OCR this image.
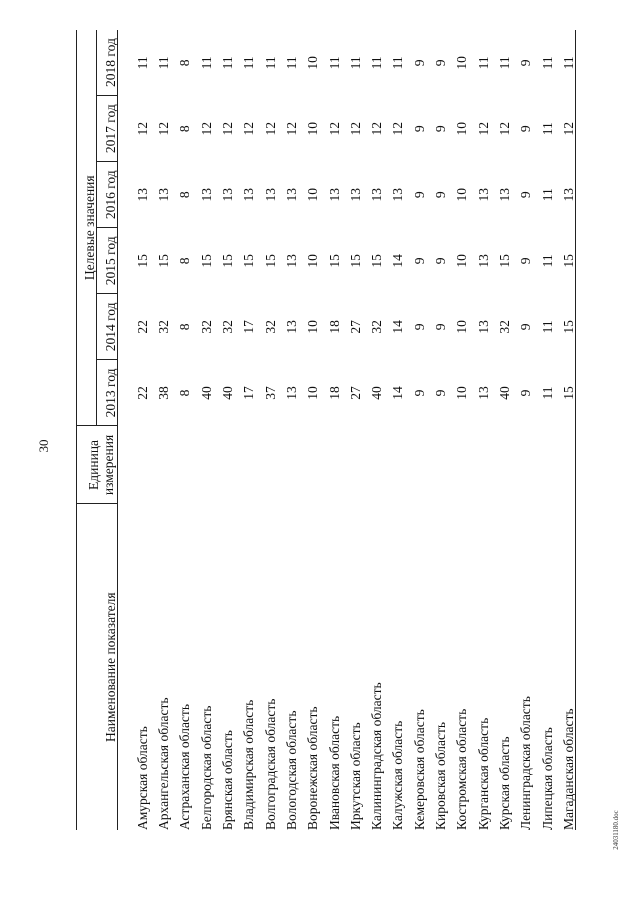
30
Наименование показателя	Единица
измерения	Целевые значения					
		2013 год	2014 год	2015 год	2016 год	2017 год	2018 год

Амурская область		22	22	15	13	12	11
Архангельская область		38	32	15	13	12	11
Астраханская область		8	8	8	8	8	8
Белгородская область		40	32	15	13	12	11
Брянская область		40	32	15	13	12	11
Владимирская область		17	17	15	13	12	11
Волгоградская область		37	32	15	13	12	11
Вологодская область		13	13	13	13	12	11
Воронежская область		10	10	10	10	10	10
Ивановская область		18	18	15	13	12	11
Иркутская область		27	27	15	13	12	11
Калининградская область		40	32	15	13	12	11
Калужская область		14	14	14	13	12	11
Кемеровская область		9	9	9	9	9	9
Кировская область		9	9	9	9	9	9
Костромская область		10	10	10	10	10	10
Курганская область		13	13	13	13	12	11
Курская область		40	32	15	13	12	11
Ленинградская область		9	9	9	9	9	9
Липецкая область		11	11	11	11	11	11
Магаданская область		15	15	15	13	12	11
24031180.doc
